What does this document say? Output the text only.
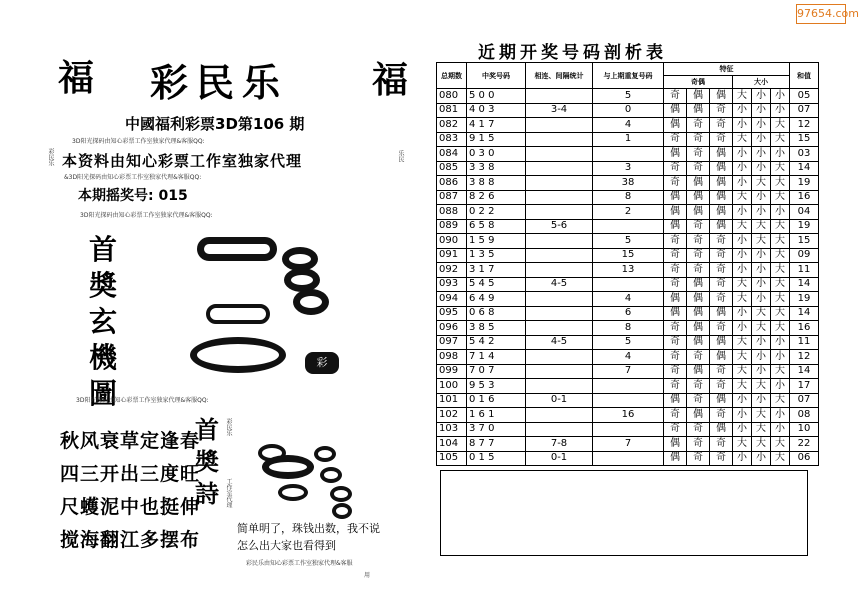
97654.com
福	福
彩民乐
中國福利彩票3D第106 期
3D阳光探码由知心彩票工作室独家代理&客服QQ:
彩民乐	乐民
本资料由知心彩票工作室独家代理
&3D阳光探码由知心彩票工作室独家代理&客服QQ:
本期摇奖号: 015
3D阳光探码由知心彩票工作室独家代理&客服QQ:
首
奬
玄
機
圖
彩
3D阳光探码由知心彩票工作室独家代理&客服QQ:
秋风衰草定逢春
四三开出三度旺
尺蠖泥中也挺伸
搅海翻江多摆布
首
奬
詩
彩民乐
工作室代理
简单明了，珠钱出数，我不说
怎么出大家也看得到
彩民乐由知心彩票工作室独家代理&客服
用
近期开奖号码剖析表
总期数	中奖号码	相连、间隔统计	与上期重复号码	特征						和值
				奇偶			大小			
080	5 0 0		5	奇	偶	偶	大	小	小	05
081	4 0 3	3-4	0	偶	偶	奇	小	小	小	07
082	4 1 7		4	偶	奇	奇	小	小	大	12
083	9 1 5		1	奇	奇	奇	大	小	大	15
084	0 3 0			偶	奇	偶	小	小	小	03
085	3 3 8		3	奇	奇	偶	小	小	大	14
086	3 8 8		38	奇	偶	偶	小	大	大	19
087	8 2 6		8	偶	偶	偶	大	小	大	16
088	0 2 2		2	偶	偶	偶	小	小	小	04
089	6 5 8	5-6		偶	奇	偶	大	大	大	19
090	1 5 9		5	奇	奇	奇	小	大	大	15
091	1 3 5		15	奇	奇	奇	小	小	大	09
092	3 1 7		13	奇	奇	奇	小	小	大	11
093	5 4 5	4-5		奇	偶	奇	大	小	大	14
094	6 4 9		4	偶	偶	奇	大	小	大	19
095	0 6 8		6	偶	偶	偶	小	大	大	14
096	3 8 5		8	奇	偶	奇	小	大	大	16
097	5 4 2	4-5	5	奇	偶	偶	大	小	小	11
098	7 1 4		4	奇	奇	偶	大	小	小	12
099	7 0 7		7	奇	偶	奇	大	小	大	14
100	9 5 3			奇	奇	奇	大	大	小	17
101	0 1 6	0-1		偶	奇	偶	小	小	大	07
102	1 6 1		16	奇	偶	奇	小	大	小	08
103	3 7 0			奇	奇	偶	小	大	小	10
104	8 7 7	7-8	7	偶	奇	奇	大	大	大	22
105	0 1 5	0-1		偶	奇	奇	小	小	大	06
